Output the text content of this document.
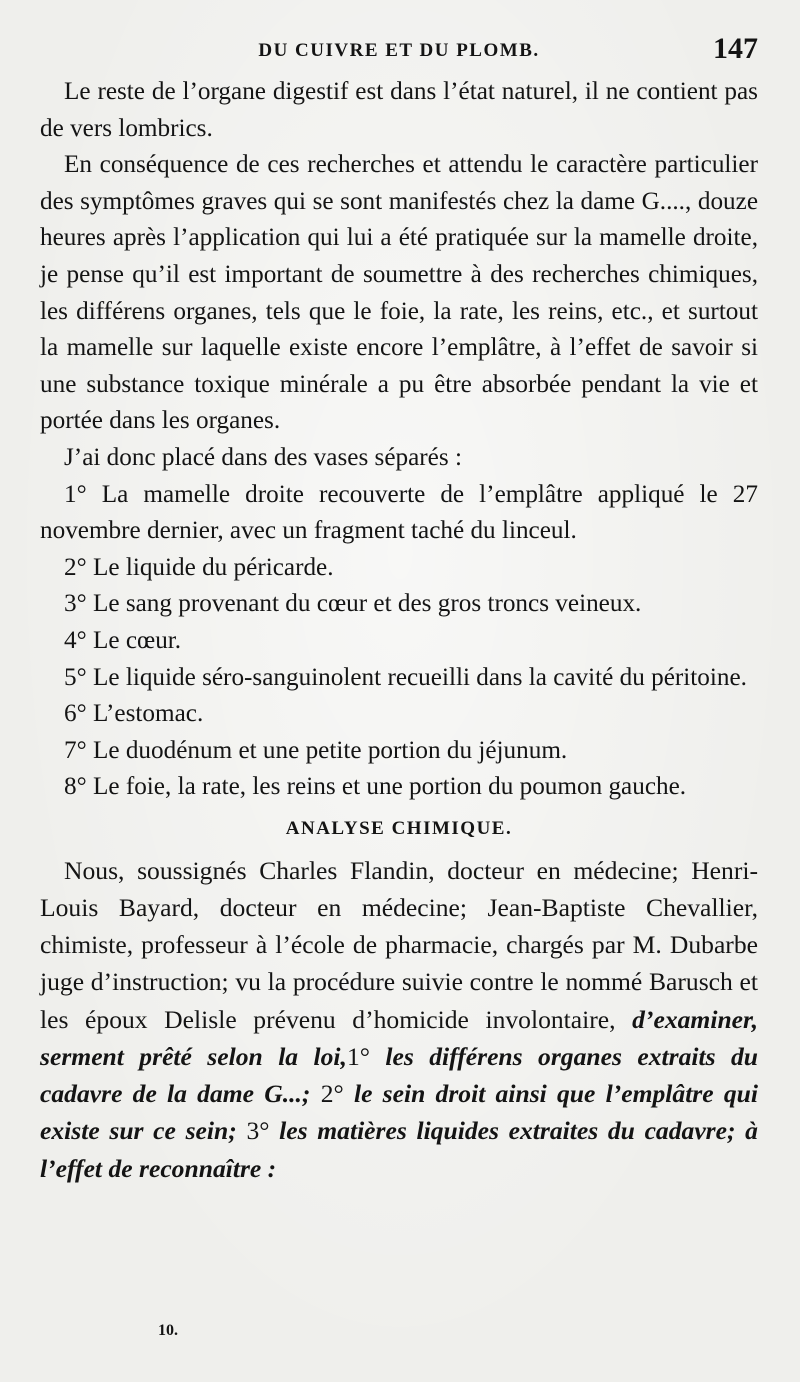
DU CUIVRE ET DU PLOMB.	147

Le reste de l’organe digestif est dans l’état naturel, il ne contient pas de vers lombrics.

En conséquence de ces recherches et attendu le caractère particulier des symptômes graves qui se sont manifestés chez la dame G...., douze heures après l’application qui lui a été pratiquée sur la mamelle droite, je pense qu’il est important de soumettre à des recherches chimiques, les différens organes, tels que le foie, la rate, les reins, etc., et surtout la mamelle sur laquelle existe encore l’emplâtre, à l’effet de savoir si une substance toxique minérale a pu être absorbée pendant la vie et portée dans les organes.

J’ai donc placé dans des vases séparés :

1° La mamelle droite recouverte de l’emplâtre appliqué le 27 novembre dernier, avec un fragment taché du linceul.

2° Le liquide du péricarde.

3° Le sang provenant du cœur et des gros troncs veineux.

4° Le cœur.

5° Le liquide séro-sanguinolent recueilli dans la cavité du péritoine.

6° L’estomac.

7° Le duodénum et une petite portion du jéjunum.

8° Le foie, la rate, les reins et une portion du poumon gauche.

ANALYSE CHIMIQUE.

Nous, soussignés Charles Flandin, docteur en médecine; Henri-Louis Bayard, docteur en médecine; Jean-Baptiste Chevallier, chimiste, professeur à l’école de pharmacie, chargés par M. Dubarbe juge d’instruction; vu la procédure suivie contre le nommé Barusch et les époux Delisle prévenu d’homicide involontaire, d’examiner, serment prêté selon la loi,1° les différens organes extraits du cadavre de la dame G...; 2° le sein droit ainsi que l’emplâtre qui existe sur ce sein; 3° les matières liquides extraites du cadavre; à l’effet de reconnaître :

10.
